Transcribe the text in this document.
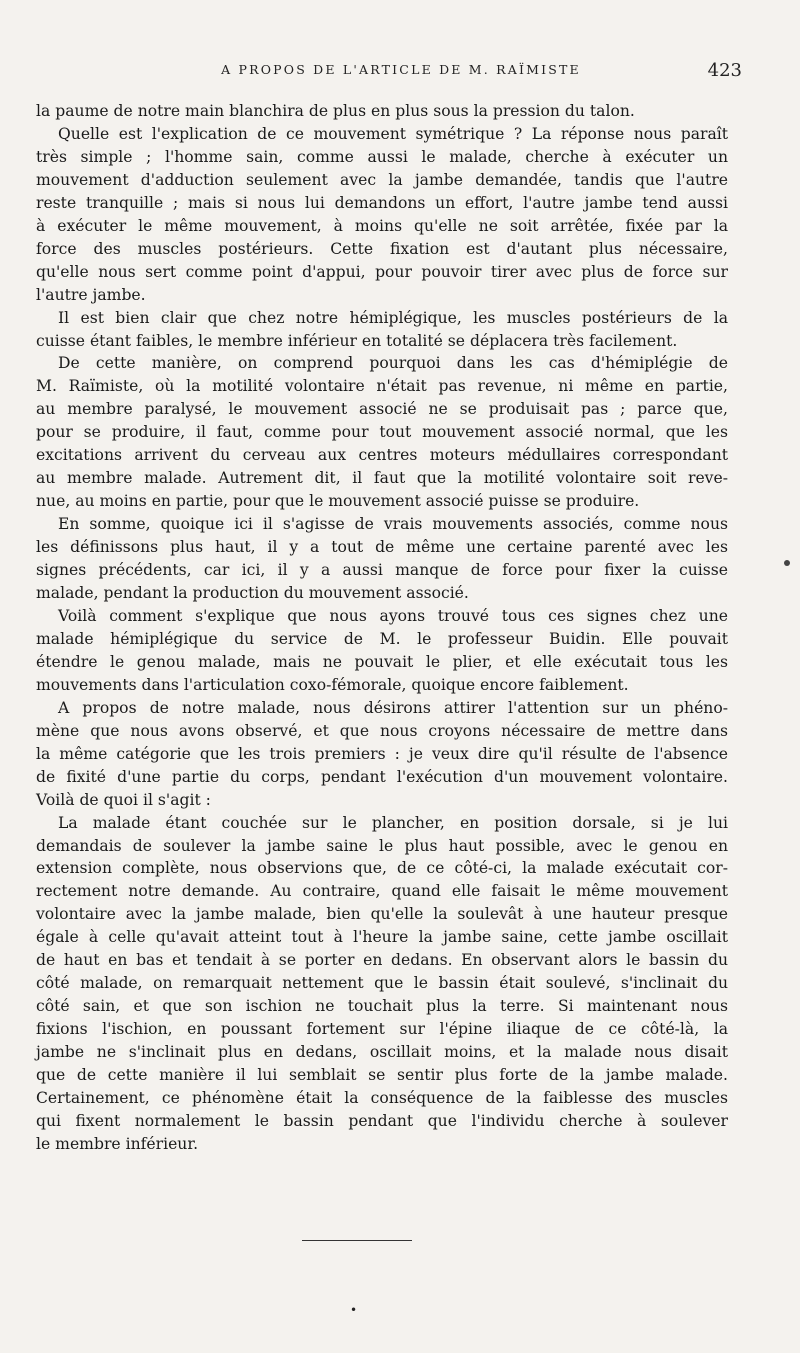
A PROPOS DE L'ARTICLE DE M. RAÏMISTE	423

la paume de notre main blanchira de plus en plus sous la pression du talon.

Quelle est l'explication de ce mouvement symétrique ? La réponse nous paraît

très simple ; l'homme sain, comme aussi le malade, cherche à exécuter un

mouvement d'adduction seulement avec la jambe demandée, tandis que l'autre

reste tranquille ; mais si nous lui demandons un effort, l'autre jambe tend aussi

à exécuter le même mouvement, à moins qu'elle ne soit arrêtée, fixée par la

force des muscles postérieurs. Cette fixation est d'autant plus nécessaire,

qu'elle nous sert comme point d'appui, pour pouvoir tirer avec plus de force sur

l'autre jambe.

Il est bien clair que chez notre hémiplégique, les muscles postérieurs de la

cuisse étant faibles, le membre inférieur en totalité se déplacera très facilement.

De cette manière, on comprend pourquoi dans les cas d'hémiplégie de

M. Raïmiste, où la motilité volontaire n'était pas revenue, ni même en partie,

au membre paralysé, le mouvement associé ne se produisait pas ; parce que,

pour se produire, il faut, comme pour tout mouvement associé normal, que les

excitations arrivent du cerveau aux centres moteurs médullaires correspondant

au membre malade. Autrement dit, il faut que la motilité volontaire soit reve-

nue, au moins en partie, pour que le mouvement associé puisse se produire.

En somme, quoique ici il s'agisse de vrais mouvements associés, comme nous

les définissons plus haut, il y a tout de même une certaine parenté avec les

signes précédents, car ici, il y a aussi manque de force pour fixer la cuisse

malade, pendant la production du mouvement associé.

Voilà comment s'explique que nous ayons trouvé tous ces signes chez une

malade hémiplégique du service de M. le professeur Buidin. Elle pouvait

étendre le genou malade, mais ne pouvait le plier, et elle exécutait tous les

mouvements dans l'articulation coxo-fémorale, quoique encore faiblement.

A propos de notre malade, nous désirons attirer l'attention sur un phéno-

mène que nous avons observé, et que nous croyons nécessaire de mettre dans

la même catégorie que les trois premiers : je veux dire qu'il résulte de l'absence

de fixité d'une partie du corps, pendant l'exécution d'un mouvement volontaire.

Voilà de quoi il s'agit :

La malade étant couchée sur le plancher, en position dorsale, si je lui

demandais de soulever la jambe saine le plus haut possible, avec le genou en

extension complète, nous observions que, de ce côté-ci, la malade exécutait cor-

rectement notre demande. Au contraire, quand elle faisait le même mouvement

volontaire avec la jambe malade, bien qu'elle la soulevât à une hauteur presque

égale à celle qu'avait atteint tout à l'heure la jambe saine, cette jambe oscillait

de haut en bas et tendait à se porter en dedans. En observant alors le bassin du

côté malade, on remarquait nettement que le bassin était soulevé, s'inclinait du

côté sain, et que son ischion ne touchait plus la terre. Si maintenant nous

fixions l'ischion, en poussant fortement sur l'épine iliaque de ce côté-là, la

jambe ne s'inclinait plus en dedans, oscillait moins, et la malade nous disait

que de cette manière il lui semblait se sentir plus forte de la jambe malade.

Certainement, ce phénomène était la conséquence de la faiblesse des muscles

qui fixent normalement le bassin pendant que l'individu cherche à soulever

le membre inférieur.

•
